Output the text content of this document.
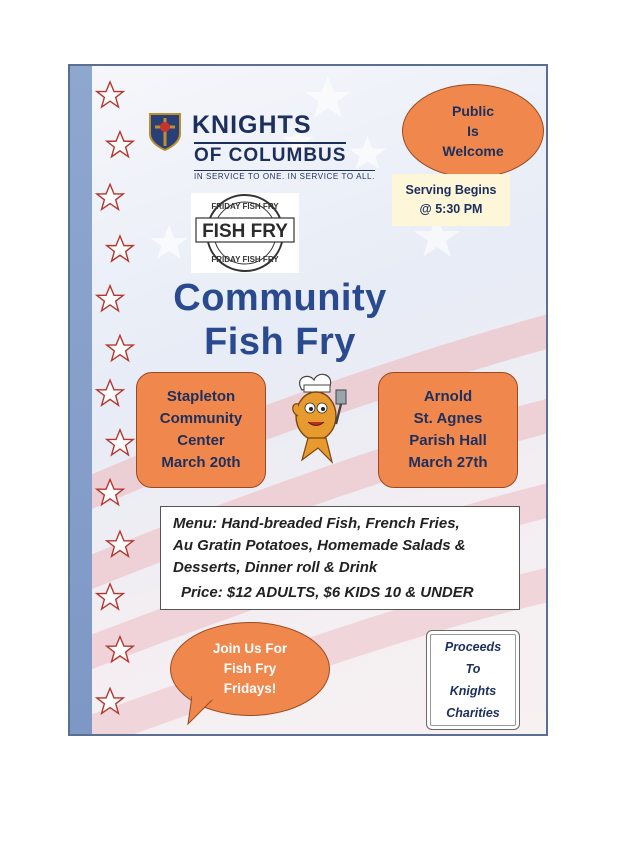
KNIGHTS
OF COLUMBUS
IN SERVICE TO ONE. IN SERVICE TO ALL.
FRIDAY FISH FRY
FISH FRY
FRIDAY FISH FRY
Public
Is
Welcome
Serving Begins
@ 5:30 PM
Community
Fish Fry
Stapleton
Community
Center
March 20th
Arnold
St. Agnes
Parish Hall
March 27th
Menu: Hand-breaded Fish, French Fries,
Au Gratin Potatoes, Homemade Salads &
Desserts, Dinner roll & Drink
Price: $12 ADULTS, $6 KIDS 10 & UNDER
Join Us For
Fish Fry
Fridays!
Proceeds
To
Knights
Charities
